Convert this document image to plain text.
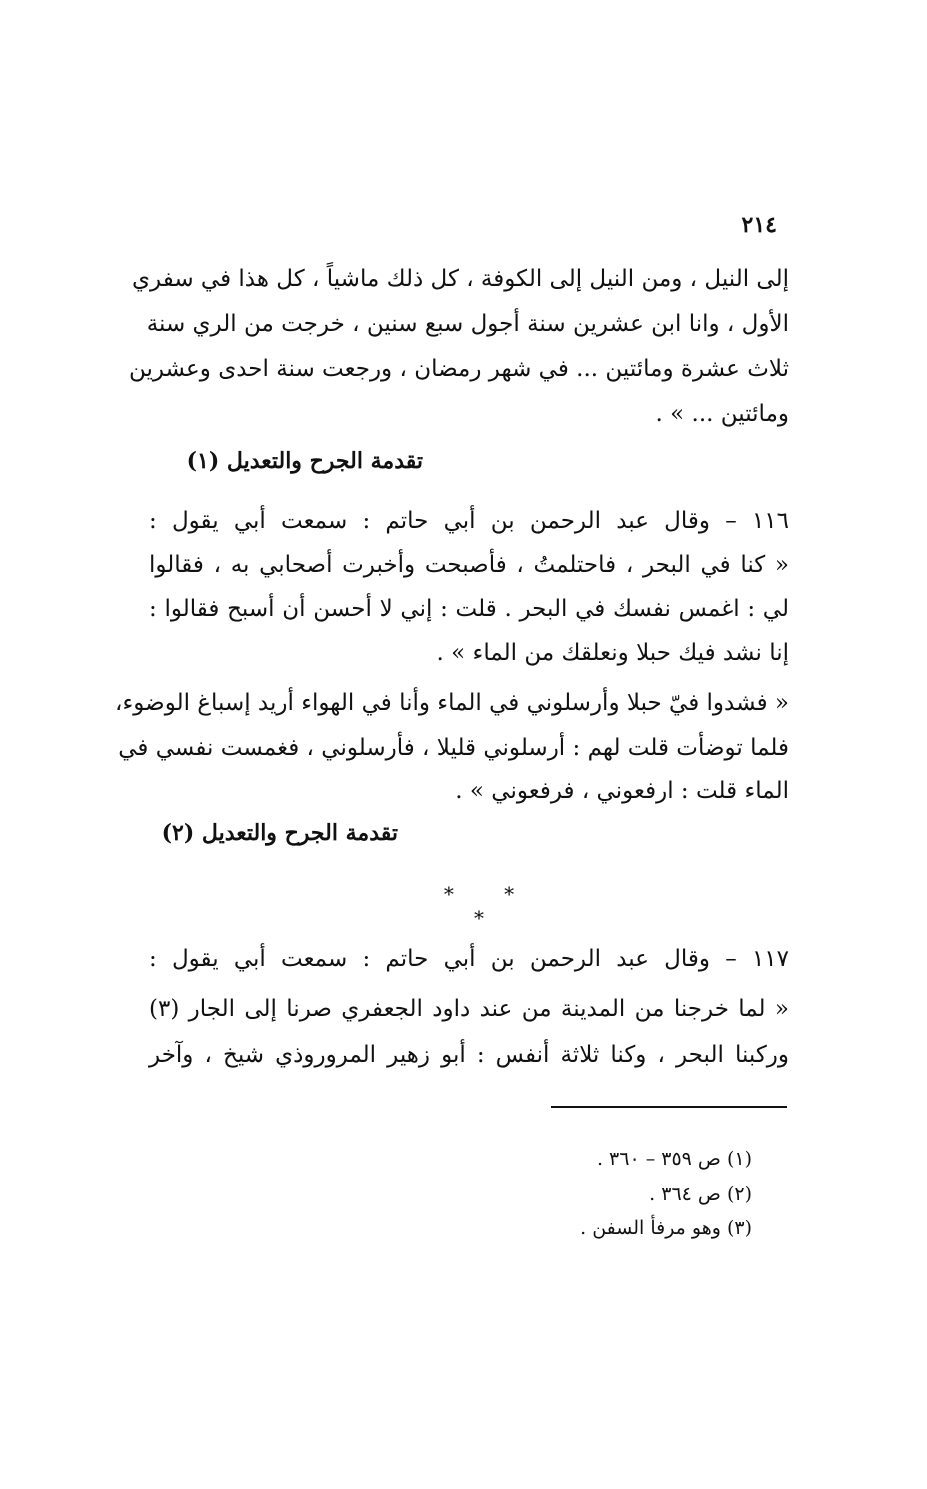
٢١٤
إلى النيل ، ومن النيل إلى الكوفة ، كل ذلك ماشياً ، كل هذا في سفري
الأول ، وانا ابن عشرين سنة أجول سبع سنين ، خرجت من الري سنة
ثلاث عشرة ومائتين ... في شهر رمضان ، ورجعت سنة احدى وعشرين
ومائتين ... » .
تقدمة الجرح والتعديل (١)
١١٦ – وقال عبد الرحمن بن أبي حاتم : سمعت أبي يقول :
« كنا في البحر ، فاحتلمتُ ، فأصبحت وأخبرت أصحابي به ، فقالوا
لي : اغمس نفسك في البحر . قلت : إني لا أحسن أن أسبح فقالوا :
إنا نشد فيك حبلا ونعلقك من الماء » .
« فشدوا فيّ حبلا وأرسلوني في الماء وأنا في الهواء أريد إسباغ الوضوء،
فلما توضأت قلت لهم : أرسلوني قليلا ، فأرسلوني ، فغمست نفسي في
الماء قلت : ارفعوني ، فرفعوني » .
تقدمة الجرح والتعديل (٢)
* * *
١١٧ – وقال عبد الرحمن بن أبي حاتم : سمعت أبي يقول :
« لما خرجنا من المدينة من عند داود الجعفري صرنا إلى الجار (٣)
وركبنا البحر ، وكنا ثلاثة أنفس : أبو زهير المروروذي شيخ ، وآخر
(١) ص ٣٥٩ – ٣٦٠ .
(٢) ص ٣٦٤ .
(٣) وهو مرفأ السفن .
